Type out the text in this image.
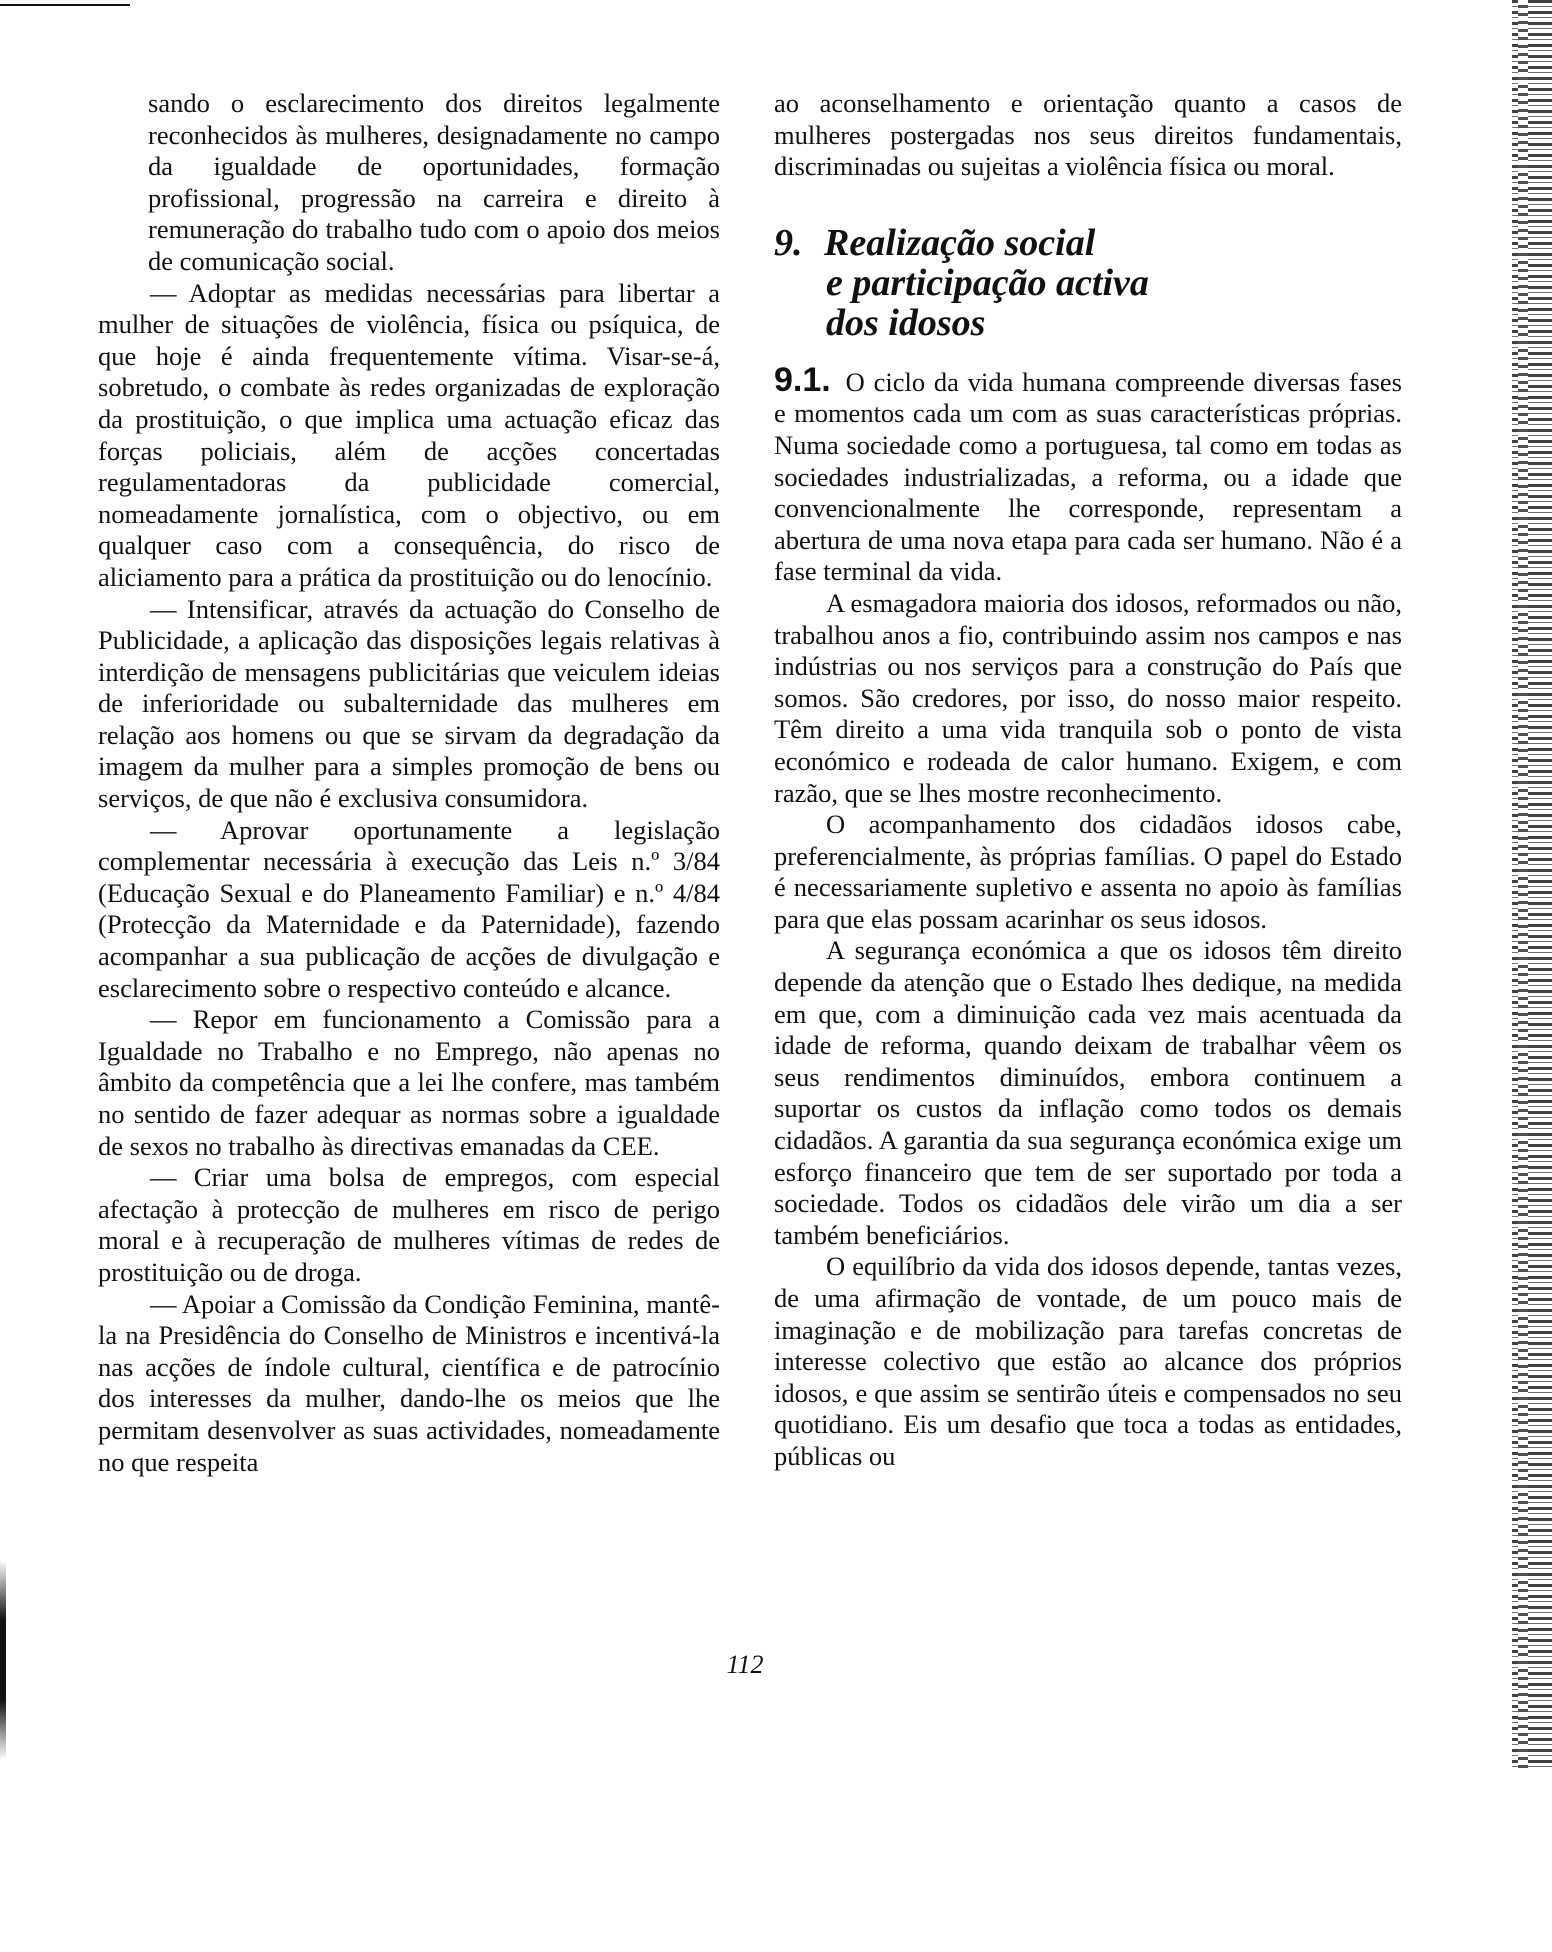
sando o esclarecimento dos direitos legalmente reconhecidos às mulheres, designadamente no campo da igualdade de oportunidades, formação profissional, progressão na carreira e direito à remuneração do trabalho tudo com o apoio dos meios de comunicação social.

— Adoptar as medidas necessárias para libertar a mulher de situações de violência, física ou psíquica, de que hoje é ainda frequentemente vítima. Visar-se-á, sobretudo, o combate às redes organizadas de exploração da prostituição, o que implica uma actuação eficaz das forças policiais, além de acções concertadas regulamentadoras da publicidade comercial, nomeadamente jornalística, com o objectivo, ou em qualquer caso com a consequência, do risco de aliciamento para a prática da prostituição ou do lenocínio.

— Intensificar, através da actuação do Conselho de Publicidade, a aplicação das disposições legais relativas à interdição de mensagens publicitárias que veiculem ideias de inferioridade ou subalternidade das mulheres em relação aos homens ou que se sirvam da degradação da imagem da mulher para a simples promoção de bens ou serviços, de que não é exclusiva consumidora.

— Aprovar oportunamente a legislação complementar necessária à execução das Leis n.º 3/84 (Educação Sexual e do Planeamento Familiar) e n.º 4/84 (Protecção da Maternidade e da Paternidade), fazendo acompanhar a sua publicação de acções de divulgação e esclarecimento sobre o respectivo conteúdo e alcance.

— Repor em funcionamento a Comissão para a Igualdade no Trabalho e no Emprego, não apenas no âmbito da competência que a lei lhe confere, mas também no sentido de fazer adequar as normas sobre a igualdade de sexos no trabalho às directivas emanadas da CEE.

— Criar uma bolsa de empregos, com especial afectação à protecção de mulheres em risco de perigo moral e à recuperação de mulheres vítimas de redes de prostituição ou de droga.

— Apoiar a Comissão da Condição Feminina, mantê-la na Presidência do Conselho de Ministros e incentivá-la nas acções de índole cultural, científica e de patrocínio dos interesses da mulher, dando-lhe os meios que lhe permitam desenvolver as suas actividades, nomeadamente no que respeita

ao aconselhamento e orientação quanto a casos de mulheres postergadas nos seus direitos fundamentais, discriminadas ou sujeitas a violência física ou moral.

9. Realização social
e participação activa
dos idosos

9.1. O ciclo da vida humana compreende diversas fases e momentos cada um com as suas características próprias. Numa sociedade como a portuguesa, tal como em todas as sociedades industrializadas, a reforma, ou a idade que convencionalmente lhe corresponde, representam a abertura de uma nova etapa para cada ser humano. Não é a fase terminal da vida.

A esmagadora maioria dos idosos, reformados ou não, trabalhou anos a fio, contribuindo assim nos campos e nas indústrias ou nos serviços para a construção do País que somos. São credores, por isso, do nosso maior respeito. Têm direito a uma vida tranquila sob o ponto de vista económico e rodeada de calor humano. Exigem, e com razão, que se lhes mostre reconhecimento.

O acompanhamento dos cidadãos idosos cabe, preferencialmente, às próprias famílias. O papel do Estado é necessariamente supletivo e assenta no apoio às famílias para que elas possam acarinhar os seus idosos.

A segurança económica a que os idosos têm direito depende da atenção que o Estado lhes dedique, na medida em que, com a diminuição cada vez mais acentuada da idade de reforma, quando deixam de trabalhar vêem os seus rendimentos diminuídos, embora continuem a suportar os custos da inflação como todos os demais cidadãos. A garantia da sua segurança económica exige um esforço financeiro que tem de ser suportado por toda a sociedade. Todos os cidadãos dele virão um dia a ser também beneficiários.

O equilíbrio da vida dos idosos depende, tantas vezes, de uma afirmação de vontade, de um pouco mais de imaginação e de mobilização para tarefas concretas de interesse colectivo que estão ao alcance dos próprios idosos, e que assim se sentirão úteis e compensados no seu quotidiano. Eis um desafio que toca a todas as entidades, públicas ou

112
